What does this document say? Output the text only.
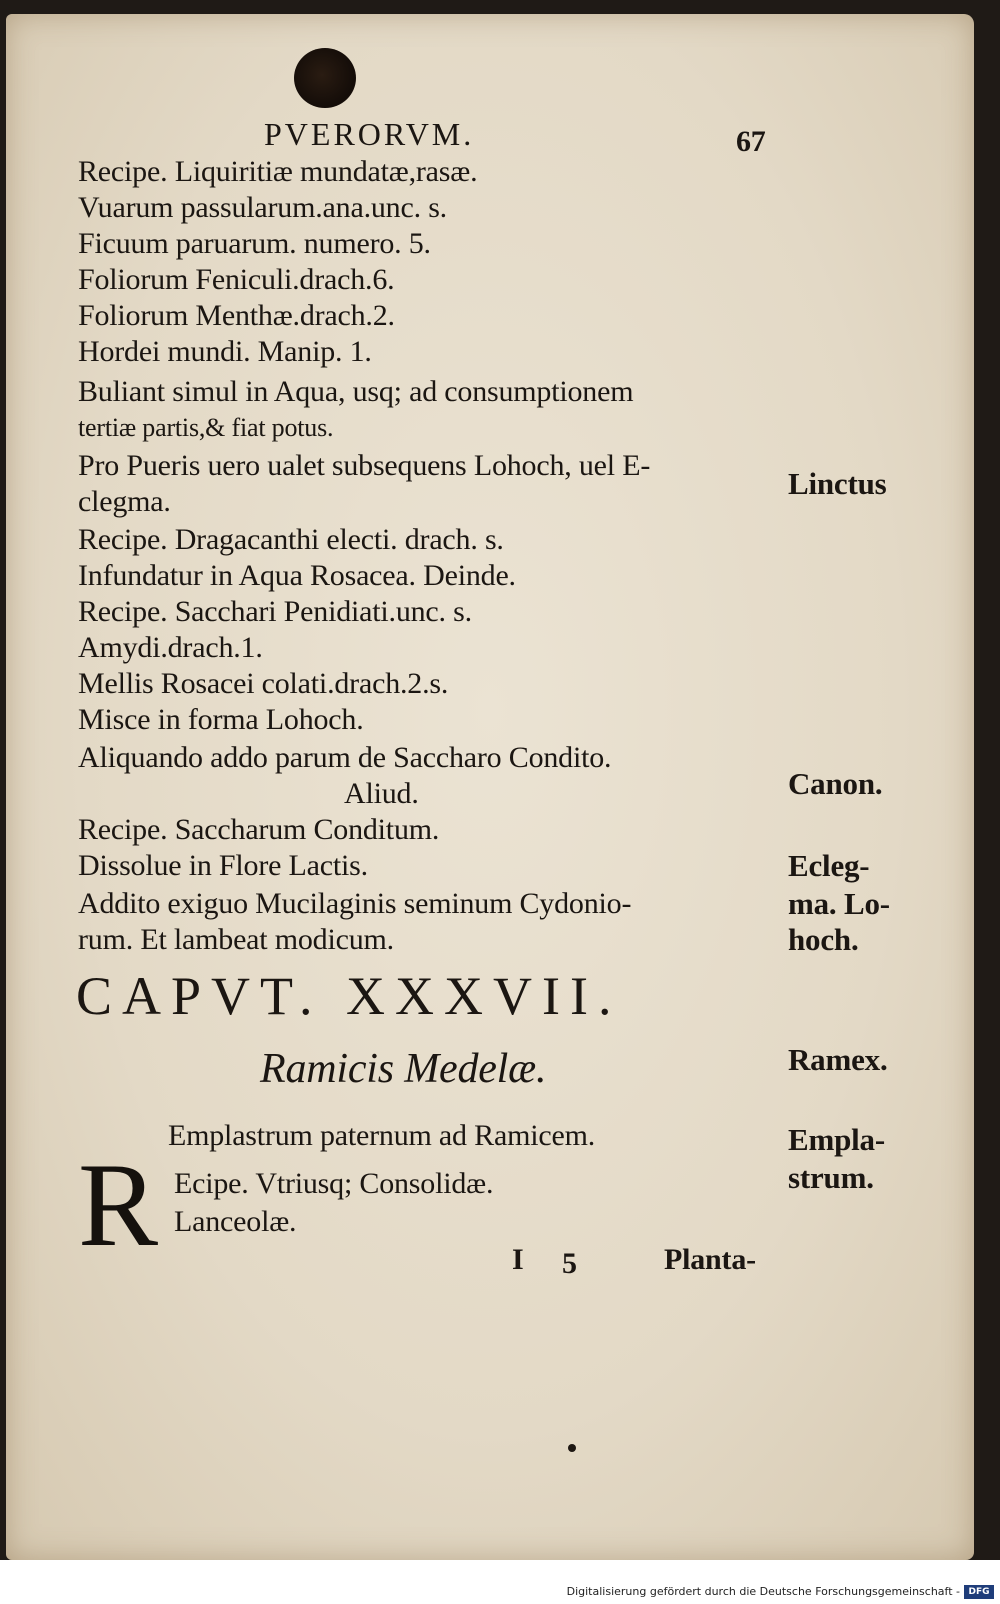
PVERORVM.	67

Recipe. Liquiritiæ mundatæ,rasæ.

Vuarum passularum.ana.unc. s.

Ficuum paruarum. numero. 5.

Foliorum Feniculi.drach.6.

Foliorum Menthæ.drach.2.

Hordei mundi. Manip. 1.

Buliant simul in Aqua, usq; ad consumptionem

tertiæ partis,& fiat potus.

Pro Pueris uero ualet subsequens Lohoch, uel E-

clegma.

Recipe. Dragacanthi electi. drach. s.

Infundatur in Aqua Rosacea. Deinde.

Recipe. Sacchari Penidiati.unc. s.

Amydi.drach.1.

Mellis Rosacei colati.drach.2.s.

Misce in forma Lohoch.

Aliquando addo parum de Saccharo Condito.

Aliud.

Recipe. Saccharum Conditum.

Dissolue in Flore Lactis.

Addito exiguo Mucilaginis seminum Cydonio-

rum. Et lambeat modicum.

CAPVT. XXXVII.

Ramicis Medelæ.

Emplastrum paternum ad Ramicem.

R Ecipe. Vtriusq; Consolidæ.

Lanceolæ.

Linctus

Canon.

Ecleg-

ma. Lo-

hoch.

Ramex.

Empla-

strum.

I 5	Planta-

Digitalisierung gefördert durch die Deutsche Forschungsgemeinschaft - DFG
